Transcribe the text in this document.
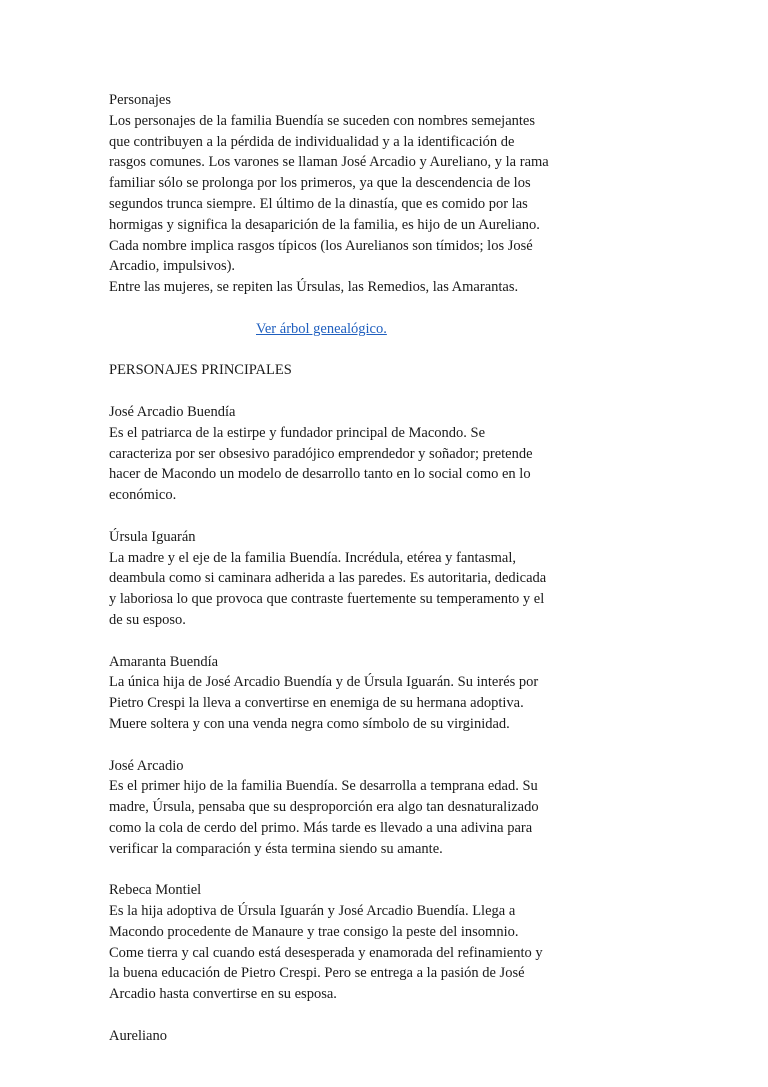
Personajes

Los personajes de la familia Buendía se suceden con nombres semejantes que contribuyen a la pérdida de individualidad y a la identificación de rasgos comunes. Los varones se llaman José Arcadio y Aureliano, y la rama familiar sólo se prolonga por los primeros, ya que la descendencia de los segundos trunca siempre. El último de la dinastía, que es comido por las hormigas y significa la desaparición de la familia, es hijo de un Aureliano. Cada nombre implica rasgos típicos (los Aurelianos son tímidos; los José Arcadio, impulsivos).

Entre las mujeres, se repiten las Úrsulas, las Remedios, las Amarantas.

Ver árbol genealógico.

PERSONAJES PRINCIPALES

José Arcadio Buendía

Es el patriarca de la estirpe y fundador principal de Macondo. Se caracteriza por ser obsesivo paradójico emprendedor y soñador; pretende hacer de Macondo un modelo de desarrollo tanto en lo social como en lo económico.

Úrsula Iguarán

La madre y el eje de la familia Buendía. Incrédula, etérea y fantasmal, deambula como si caminara adherida a las paredes. Es autoritaria, dedicada y laboriosa lo que provoca que contraste fuertemente su temperamento y el de su esposo.

Amaranta Buendía

La única hija de José Arcadio Buendía y de Úrsula Iguarán. Su interés por Pietro Crespi la lleva a convertirse en enemiga de su hermana adoptiva. Muere soltera y con una venda negra como símbolo de su virginidad.

José Arcadio

Es el primer hijo de la familia Buendía. Se desarrolla a temprana edad. Su madre, Úrsula, pensaba que su desproporción era algo tan desnaturalizado como la cola de cerdo del primo. Más tarde es llevado a una adivina para verificar la comparación y ésta termina siendo su amante.

Rebeca Montiel

Es la hija adoptiva de Úrsula Iguarán y José Arcadio Buendía. Llega a Macondo procedente de Manaure y trae consigo la peste del insomnio. Come tierra y cal cuando está desesperada y enamorada del refinamiento y la buena educación de Pietro Crespi. Pero se entrega a la pasión de José Arcadio hasta convertirse en su esposa.

Aureliano
